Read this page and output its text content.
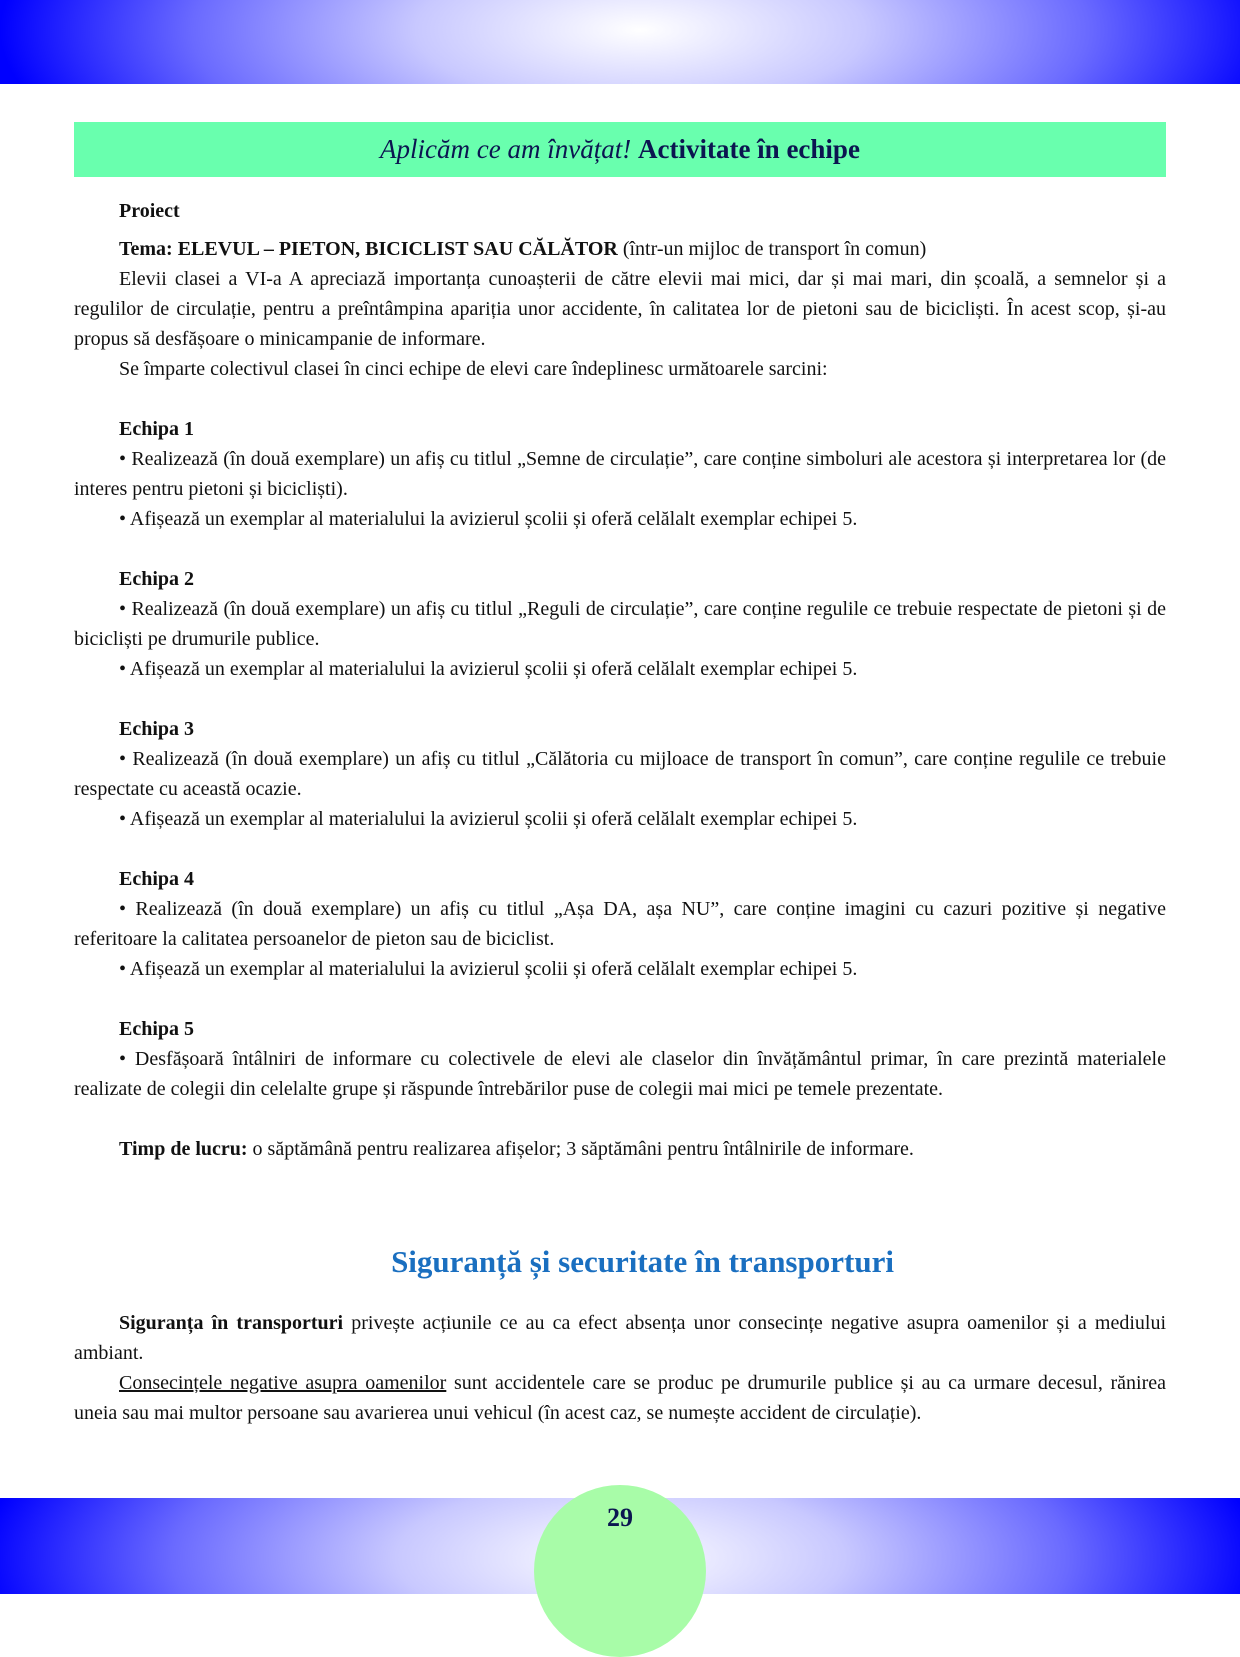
Aplicăm ce am învățat! Activitate în echipe
Proiect

Tema: ELEVUL – PIETON, BICICLIST SAU CĂLĂTOR (într-un mijloc de transport în comun)

Elevii clasei a VI-a A apreciază importanța cunoașterii de către elevii mai mici, dar și mai mari, din școală, a semnelor și a regulilor de circulație, pentru a preîntâmpina apariția unor accidente, în calitatea lor de pietoni sau de bicicliști. În acest scop, și-au propus să desfășoare o minicampanie de informare.

Se împarte colectivul clasei în cinci echipe de elevi care îndeplinesc următoarele sarcini:

Echipa 1

• Realizează (în două exemplare) un afiș cu titlul „Semne de circulație”, care conține simboluri ale acestora și interpretarea lor (de interes pentru pietoni și bicicliști).

• Afișează un exemplar al materialului la avizierul școlii și oferă celălalt exemplar echipei 5.

Echipa 2

• Realizează (în două exemplare) un afiș cu titlul „Reguli de circulație”, care conține regulile ce trebuie respectate de pietoni și de bicicliști pe drumurile publice.

• Afișează un exemplar al materialului la avizierul școlii și oferă celălalt exemplar echipei 5.

Echipa 3

• Realizează (în două exemplare) un afiș cu titlul „Călătoria cu mijloace de transport în comun”, care conține regulile ce trebuie respectate cu această ocazie.

• Afișează un exemplar al materialului la avizierul școlii și oferă celălalt exemplar echipei 5.

Echipa 4

• Realizează (în două exemplare) un afiș cu titlul „Așa DA, așa NU”, care conține imagini cu cazuri pozitive și negative referitoare la calitatea persoanelor de pieton sau de biciclist.

• Afișează un exemplar al materialului la avizierul școlii și oferă celălalt exemplar echipei 5.

Echipa 5

• Desfășoară întâlniri de informare cu colectivele de elevi ale claselor din învățământul primar, în care prezintă materialele realizate de colegii din celelalte grupe și răspunde întrebărilor puse de colegii mai mici pe temele prezentate.

Timp de lucru: o săptămână pentru realizarea afișelor; 3 săptămâni pentru întâlnirile de informare.

Siguranță și securitate în transporturi

Siguranța în transporturi privește acțiunile ce au ca efect absența unor consecințe negative asupra oamenilor și a mediului ambiant.

Consecințele negative asupra oamenilor sunt accidentele care se produc pe drumurile publice și au ca urmare decesul, rănirea uneia sau mai multor persoane sau avarierea unui vehicul (în acest caz, se numește accident de circulație).

29
